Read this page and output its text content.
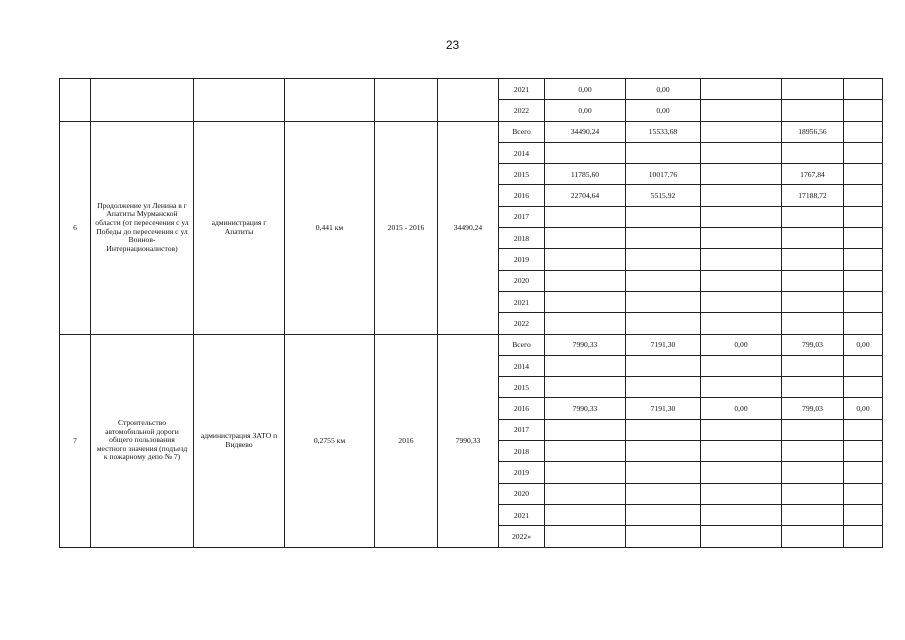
23
						2021	0,00	0,00				
						2022	0,00	0,00				
6	Продолжение ул Ленина в г Апатиты Мурманской области (от пересечения с ул Победы до пересечения с ул Воинов-Интернационалистов)	администрация г Апатиты	0,441 км	2015 - 2016	34490,24	Всего	34490,24	15533,68		18956,56		
						2014						
						2015	11785,60	10017,76		1767,84		
						2016	22704,64	5515,92		17188,72		
						2017						
						2018						
						2019						
						2020						
						2021						
						2022						
7	Строительство автомобильной дороги общего пользования местного значения (подъезд к пожарному депо № 7)	администрация ЗАТО п Видяево	0,2755 км	2016	7990,33	Всего	7990,33	7191,30	0,00	799,03	0,00	
						2014						
						2015						
						2016	7990,33	7191,30	0,00	799,03	0,00	
						2017						
						2018						
						2019						
						2020						
						2021						
						2022»						
